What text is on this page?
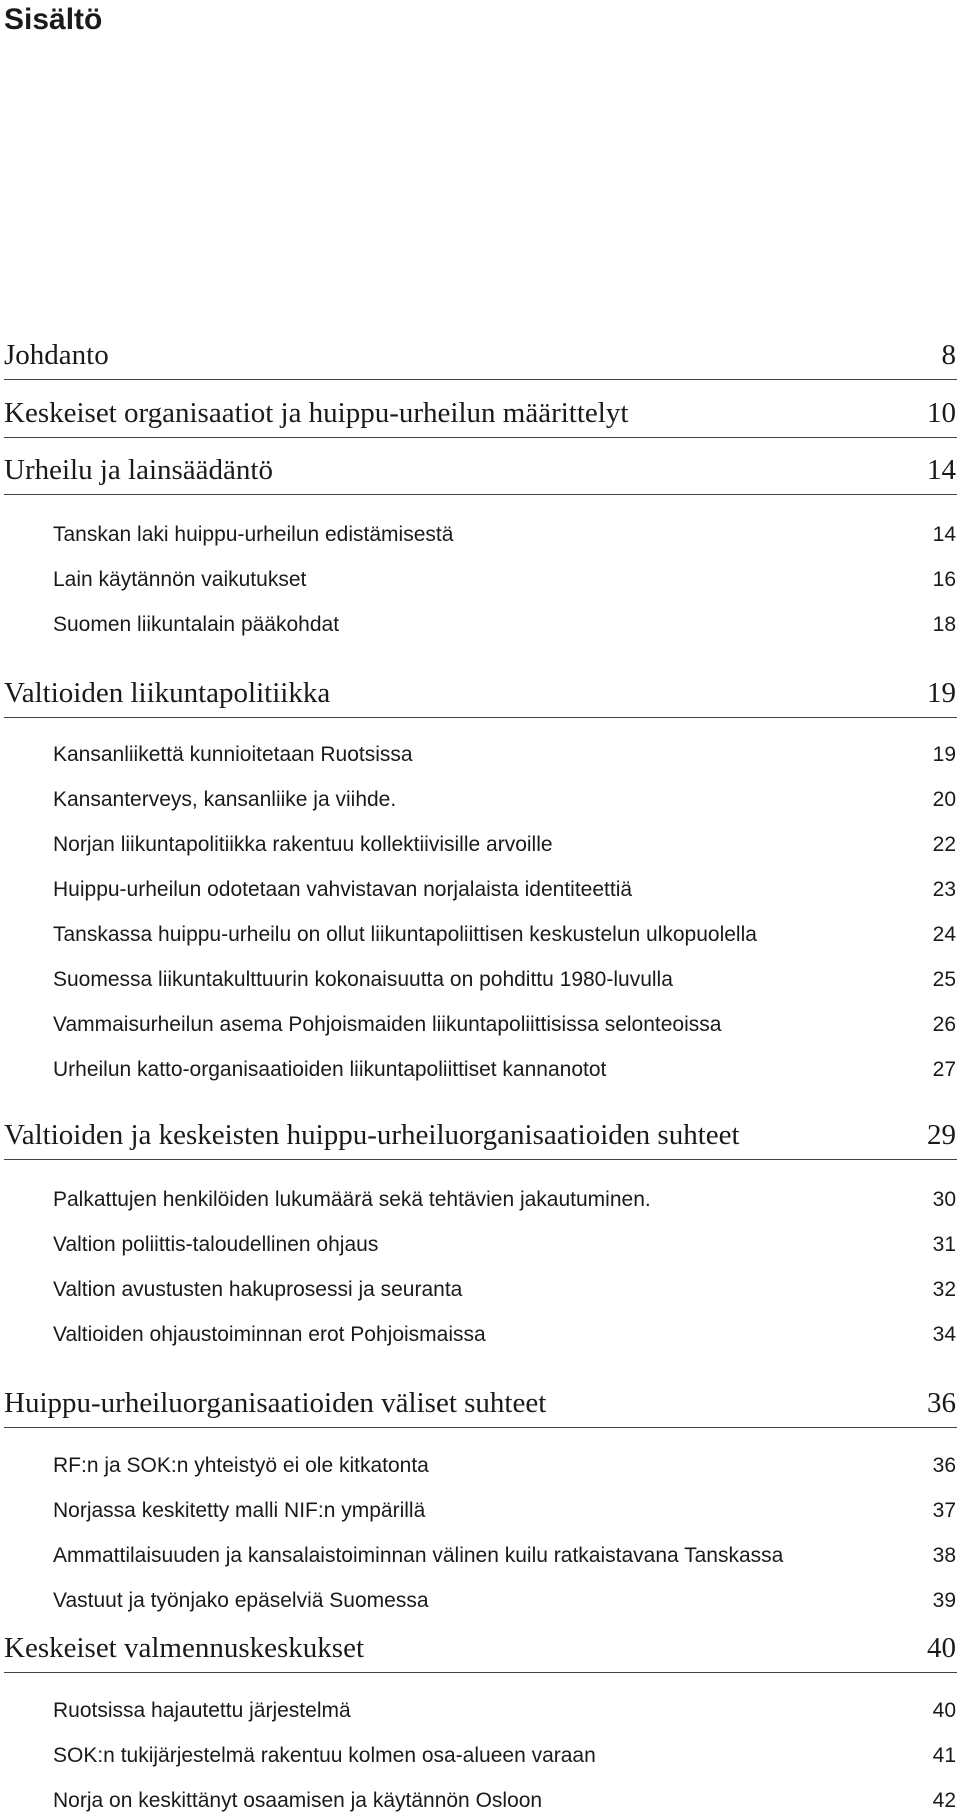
Sisältö
Johdanto	8
Keskeiset organisaatiot ja huippu-urheilun määrittelyt	10
Urheilu ja lainsäädäntö	14
Tanskan laki huippu-urheilun edistämisestä	14
Lain käytännön vaikutukset	16
Suomen liikuntalain pääkohdat	18
Valtioiden liikuntapolitiikka	19
Kansanliikettä kunnioitetaan Ruotsissa	19
Kansanterveys, kansanliike ja viihde.	20
Norjan liikuntapolitiikka rakentuu kollektiivisille arvoille	22
Huippu-urheilun odotetaan vahvistavan norjalaista identiteettiä	23
Tanskassa huippu-urheilu on ollut liikuntapoliittisen keskustelun ulkopuolella	24
Suomessa liikuntakulttuurin kokonaisuutta on pohdittu 1980-luvulla	25
Vammaisurheilun asema Pohjoismaiden liikuntapoliittisissa selonteoissa	26
Urheilun katto-organisaatioiden liikuntapoliittiset kannanotot	27
Valtioiden ja keskeisten huippu-urheiluorganisaatioiden suhteet	29
Palkattujen henkilöiden lukumäärä sekä tehtävien jakautuminen.	30
Valtion poliittis-taloudellinen ohjaus	31
Valtion avustusten hakuprosessi ja seuranta	32
Valtioiden ohjaustoiminnan erot Pohjoismaissa	34
Huippu-urheiluorganisaatioiden väliset suhteet	36
RF:n ja SOK:n yhteistyö ei ole kitkatonta	36
Norjassa keskitetty malli NIF:n ympärillä	37
Ammattilaisuuden ja kansalaistoiminnan välinen kuilu ratkaistavana Tanskassa	38
Vastuut ja työnjako epäselviä Suomessa	39
Keskeiset valmennuskeskukset	40
Ruotsissa hajautettu järjestelmä	40
SOK:n tukijärjestelmä rakentuu kolmen osa-alueen varaan	41
Norja on keskittänyt osaamisen ja käytännön Osloon	42
